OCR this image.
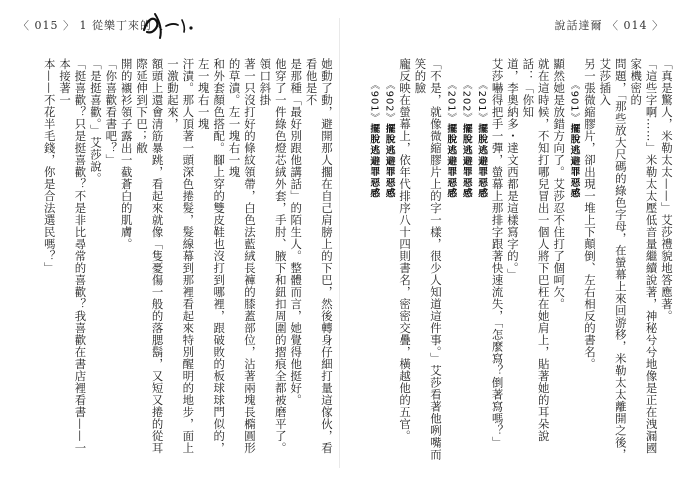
〈 015 〉 1 從樂丁來的人

她動了動，避開那人擱在自己肩膀上的下巴，然後轉身仔細打量這傢伙，看看他是不

是那種「最好別跟他講話」的陌生人。整體而言，她覺得他挺好。

他穿了一件綠色燈芯絨外套，手肘、腋下和鈕扣周圍的摺痕全都被磨平了。領口斜掛

著一只沒打好的條紋領帶，白色法藍絨長褲的膝蓋部位，沾著兩塊長橢圓形的草漬。左一塊右一塊

和外套顏色搭配。腳上穿的雙皮鞋也沒打到哪裡，跟破敗的板球球門似的，左一塊右一塊

汗漬。那人頂著一頭深色捲髮，髮線幕到那裡看起來特別醒明的地步，面上一激動起來，

額頭上還會清筋暴跳，看起來就像「隻憂傷一般的落腮鬍，又短又捲的從耳際延伸到下巴；敝

開的襯衫領子露出一截蒼白的肌膚。

「你喜歡看書吧？」

「是挺喜歡。」艾莎說。

「挺喜歡？只是挺喜歡？不是非比尋常的喜歡？我喜歡在書店裡看書——一本接著一

本——不花半毛錢，你是合法選民嗎？」

說話達爾 〈 014 〉

「真是驚人，米勒太太——」艾莎禮貌地答應著。

「這些字啊……」米勒太太壓低音量繼續說著，神秘兮兮地像是正在洩漏國家機密的

問題，「那些放大尺碼的綠色字母，在螢幕上來回游移，米勒太太離開之後，艾莎插入

另一張微縮膠片，卻出現一堆上下顛倒、左右相反的書名。

《901》擺脫逃避罪惡感

顯然她是放錯方向了。艾莎忍不住打了個呵欠。

就在這時候，不知打哪兒冒出一個人將下巴枉在她肩上，貼著她的耳朵說話：「你知

道，李奧納多・達文西都是這樣寫字的。」

艾莎嚇得把手一彈，螢幕上那排字跟著快速流失，「怎麼寫？倒著寫嗎？」

《201》擺脫逃避罪惡感

《202》擺脫逃避罪惡感

《201》擺脫逃避罪惡感

「不是，就像微縮膠片上的字一樣，很少人知道這件事。」艾莎看著他咧嘴而笑的臉

龐反映在螢幕上，依年代排序八十四則書名，密密交疊，橫越他的五官。

《902》擺脫逃避罪惡感

《901》擺脫逃避罪惡感
